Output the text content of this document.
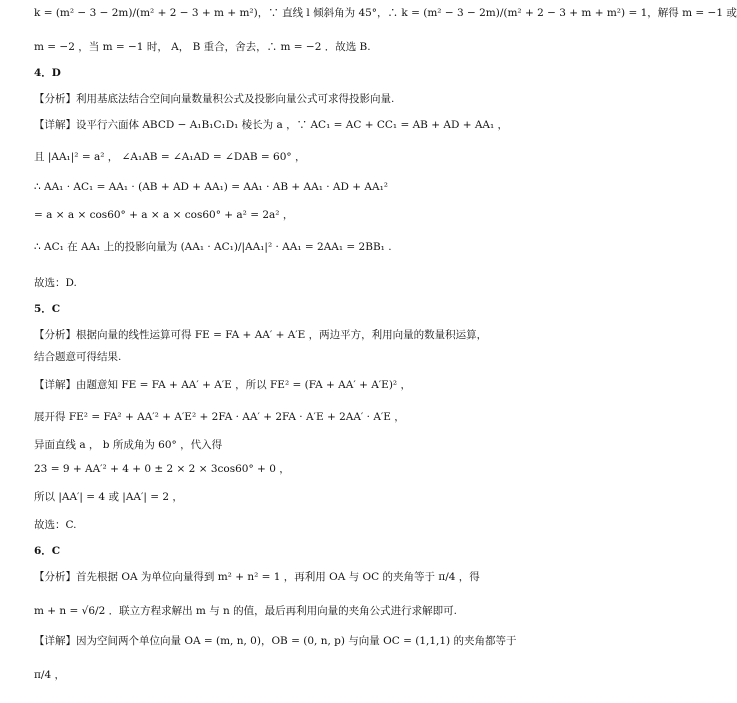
k = (m² − 3 − 2m)/(m² + 2 − 3 + m + m²)，∵ 直线 l 倾斜角为 45°，∴ k = (m² − 3 − 2m)/(m² + 2 − 3 + m + m²) = 1，解得 m = −1 或
m = −2 ，当 m = −1 时， A， B 重合，舍去，∴ m = −2 ．故选 B.
4．D
【分析】利用基底法结合空间向量数量积公式及投影向量公式可求得投影向量.
【详解】设平行六面体 ABCD − A₁B₁C₁D₁ 棱长为 a ，∵ AC₁ = AC + CC₁ = AB + AD + AA₁ ，
且 |AA₁|² = a² ， ∠A₁AB = ∠A₁AD = ∠DAB = 60° ，
∴ AA₁ · AC₁ = AA₁ · (AB + AD + AA₁) = AA₁ · AB + AA₁ · AD + AA₁²
= a × a × cos60° + a × a × cos60° + a² = 2a² ，
∴ AC₁ 在 AA₁ 上的投影向量为 (AA₁ · AC₁)/|AA₁|² · AA₁ = 2AA₁ = 2BB₁ .
故选：D.
5．C
【分析】根据向量的线性运算可得 FE = FA + AA′ + A′E ，两边平方，利用向量的数量积运算，
结合题意可得结果.
【详解】由题意知 FE = FA + AA′ + A′E ，所以 FE² = (FA + AA′ + A′E)² ，
展开得 FE² = FA² + AA′² + A′E² + 2FA · AA′ + 2FA · A′E + 2AA′ · A′E ，
异面直线 a ， b 所成角为 60° ，代入得
23 = 9 + AA′² + 4 + 0 ± 2 × 2 × 3cos60° + 0 ，
所以 |AA′| = 4 或 |AA′| = 2 ，
故选：C.
6．C
【分析】首先根据 OA 为单位向量得到 m² + n² = 1 ，再利用 OA 与 OC 的夹角等于 π/4 ，得
m + n = √6/2 ．联立方程求解出 m 与 n 的值，最后再利用向量的夹角公式进行求解即可.
【详解】因为空间两个单位向量 OA = (m, n, 0)，OB = (0, n, p) 与向量 OC = (1,1,1) 的夹角都等于
π/4 ，
